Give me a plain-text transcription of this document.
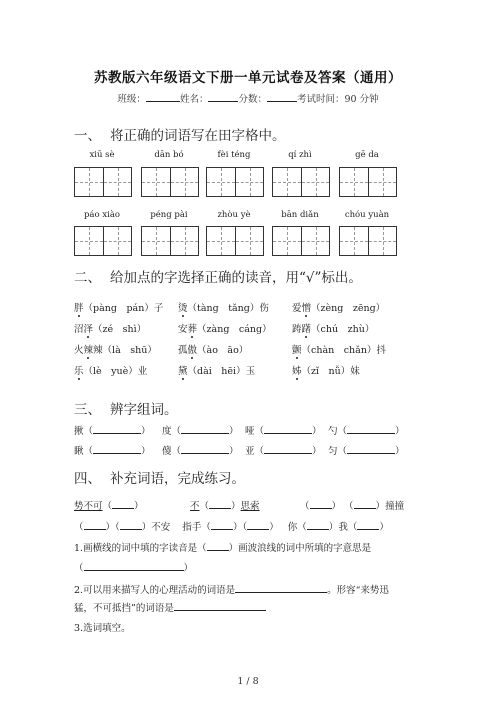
苏教版六年级语文下册一单元试卷及答案（通用）
班级：	姓名：	分数：	考试时间：90 分钟
一、 将正确的词语写在田字格中。
xiū sè	dān bó	fèi téng	qí zhì	gē da
páo xiào	péng pài	zhòu yè	bān diǎn	chóu yuàn
二、 给加点的字选择正确的读音，用“√”标出。
胖（pàng　pán）子 烫（tàng　tǎng）伤 爱憎（zèng　zēng）
沼泽（zé　shì）	安葬（zàng　cáng） 踌躇（chú　zhù）
火辣辣（là　shū） 孤傲（ào　āo）	颤（chàn　chǎn）抖
乐（lè　yuè）业	黛（dài　hēi）玉	姊（zǐ　nǚ）妹
三、 辨字组词。
揪（	） 度（	） 哑（	） 勺（	）
瞅（	） 傻（	） 亚（	） 匀（	）
四、 补充词语，完成练习。
势不可（ ）	不（ ）思索	（ ） （ ）撞撞
（ ）（ ）不安 指手（ ）（ ）   你（ ）我（ ）
1.画横线的词中填的字读音是（ ）画波浪线的词中所填的字意思是
（	）
2.可以用来描写人的心理活动的词语是	。形容“来势迅
猛，不可抵挡”的词语是
3.选词填空。
1 / 8
